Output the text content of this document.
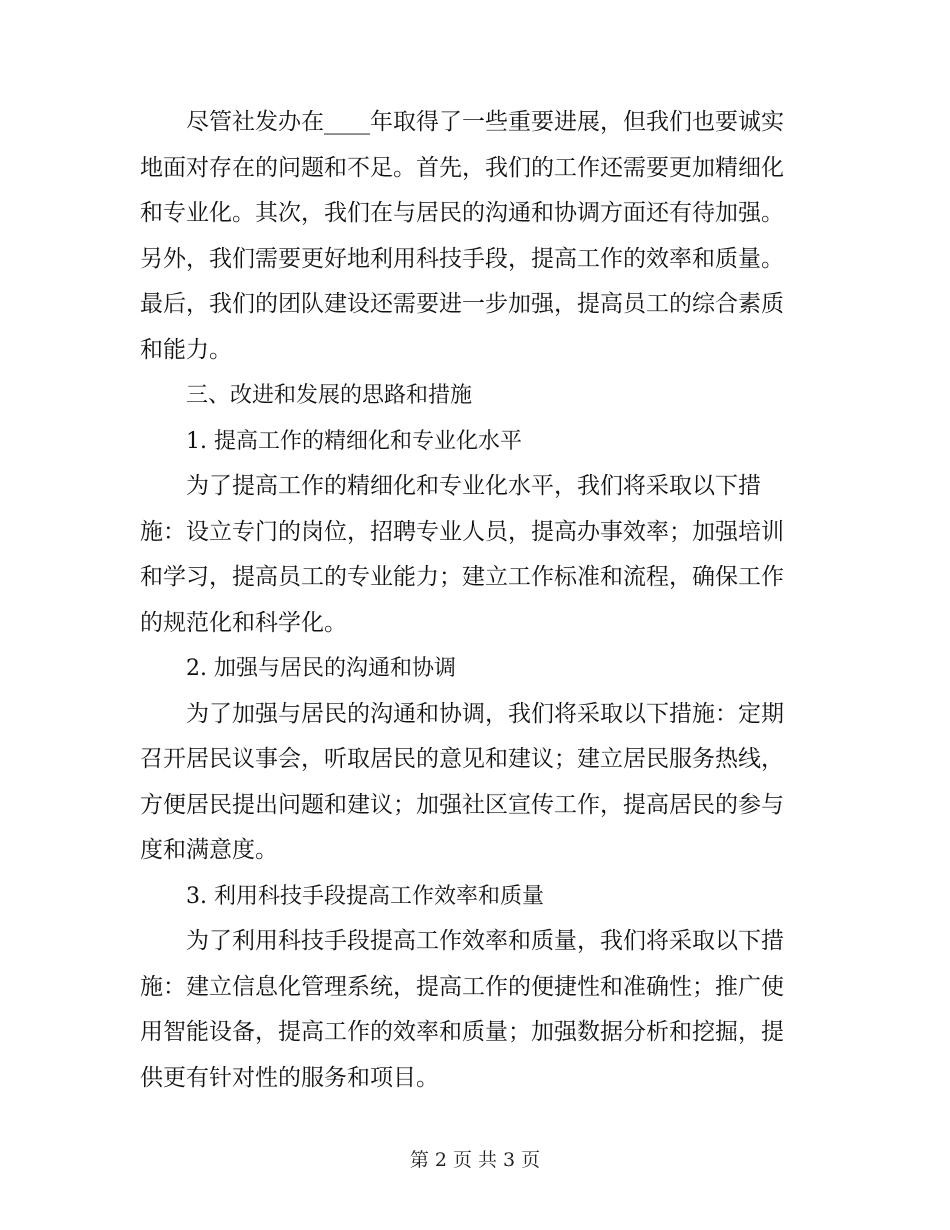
尽管社发办在____年取得了一些重要进展，但我们也要诚实
地面对存在的问题和不足。首先，我们的工作还需要更加精细化
和专业化。其次，我们在与居民的沟通和协调方面还有待加强。
另外，我们需要更好地利用科技手段，提高工作的效率和质量。
最后，我们的团队建设还需要进一步加强，提高员工的综合素质
和能力。

三、改进和发展的思路和措施

1. 提高工作的精细化和专业化水平

为了提高工作的精细化和专业化水平，我们将采取以下措
施：设立专门的岗位，招聘专业人员，提高办事效率；加强培训
和学习，提高员工的专业能力；建立工作标准和流程，确保工作
的规范化和科学化。

2. 加强与居民的沟通和协调

为了加强与居民的沟通和协调，我们将采取以下措施：定期
召开居民议事会，听取居民的意见和建议；建立居民服务热线，
方便居民提出问题和建议；加强社区宣传工作，提高居民的参与
度和满意度。

3. 利用科技手段提高工作效率和质量

为了利用科技手段提高工作效率和质量，我们将采取以下措
施：建立信息化管理系统，提高工作的便捷性和准确性；推广使
用智能设备，提高工作的效率和质量；加强数据分析和挖掘，提
供更有针对性的服务和项目。

第 2 页 共 3 页
